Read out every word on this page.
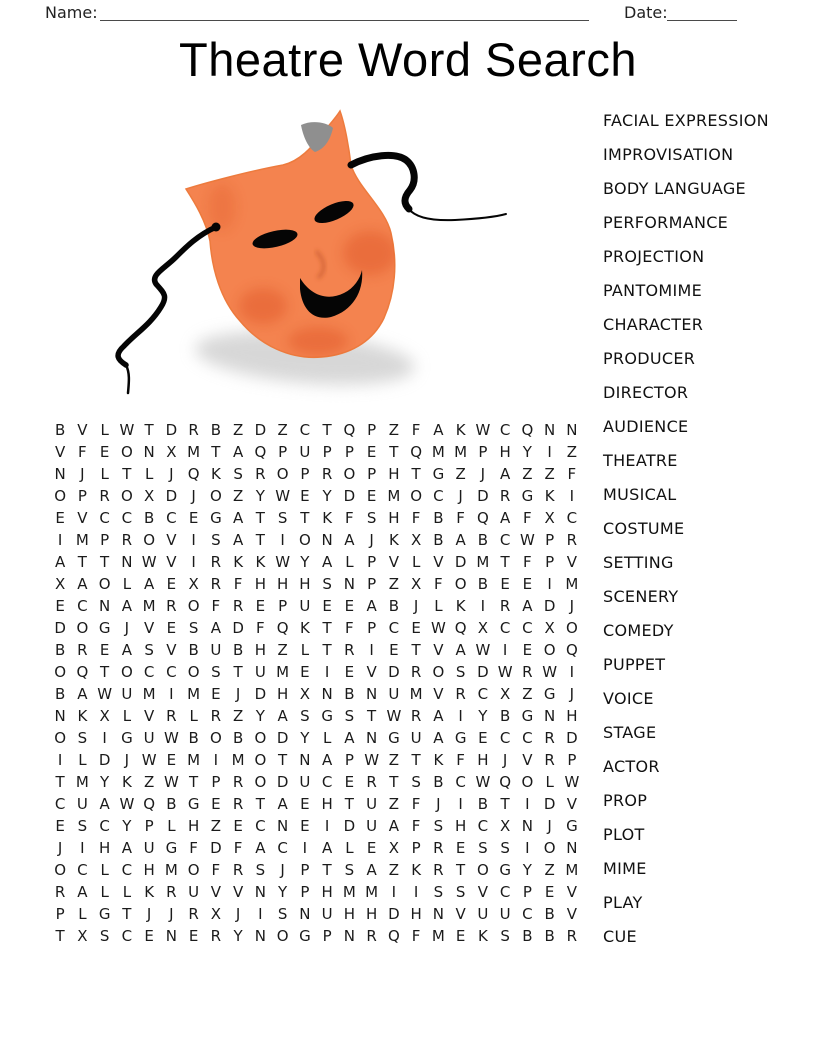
Name:	Date:
Theatre Word Search
FACIAL EXPRESSION
IMPROVISATION
BODY LANGUAGE
PERFORMANCE
PROJECTION
PANTOMIME
CHARACTER
PRODUCER
DIRECTOR
AUDIENCE
THEATRE
MUSICAL
COSTUME
SETTING
SCENERY
COMEDY
PUPPET
VOICE
STAGE
ACTOR
PROP
PLOT
MIME
PLAY
CUE
B V L W T D R B Z D Z C T Q P Z F A K W C Q N N
V F E O N X M T A Q P U P P E T Q M M P H Y	I Z
N J	L T L	J Q K S R O P R O P H T G Z J A Z Z F
O P R O X D J O Z Y W E Y D E M O C J D R G K	I
E V C C B C E G A T S T K F S H F B F Q A F X C
I M P R O V I	S A T	I O N A J	K X B A B C W P R
A T T N W V I R K K W Y A L P V L V D M T F P V
X A O L A E X R F H H H S N P Z X F O B E E	I M
E C N A M R O F R E P U E E A B J	L K	I R A D J
D O G J V E S A D F Q K T F P C E W Q X C C X O
B R E A S V B U B H Z L T R I	E T V A W I	E O Q
O Q T O C C O S T U M E	I	E V D R O S D W R W I
B A W U M I M E	J D H X N B N U M V R C X Z G J
N K X L V R L R Z Y A S G S T W R A I	Y B G N H
O S	I G U W B O B O D Y L A N G U A G E C C R D
I	L D J W E M I M O T N A P W Z T K F H J V R P
T M Y K Z W T P R O D U C E R T S B C W Q O L W
C U A W Q B G E R T A E H T U Z F	J	I B T	I D V
E S C Y P L H Z E C N E	I D U A F S H C X N J G
J	I H A U G F D F A C I A L E X P R E S S	I O N
O C L C H M O F R S	J	P T S A Z K R T O G Y Z M
R A L L K R U V V N Y P H M M I	I	S S V C P E V
P L G T	J	J R X J	I	S N U H H D H N V U U C B V
T X S C E N E R Y N O G P N R Q F M E K S B B R
